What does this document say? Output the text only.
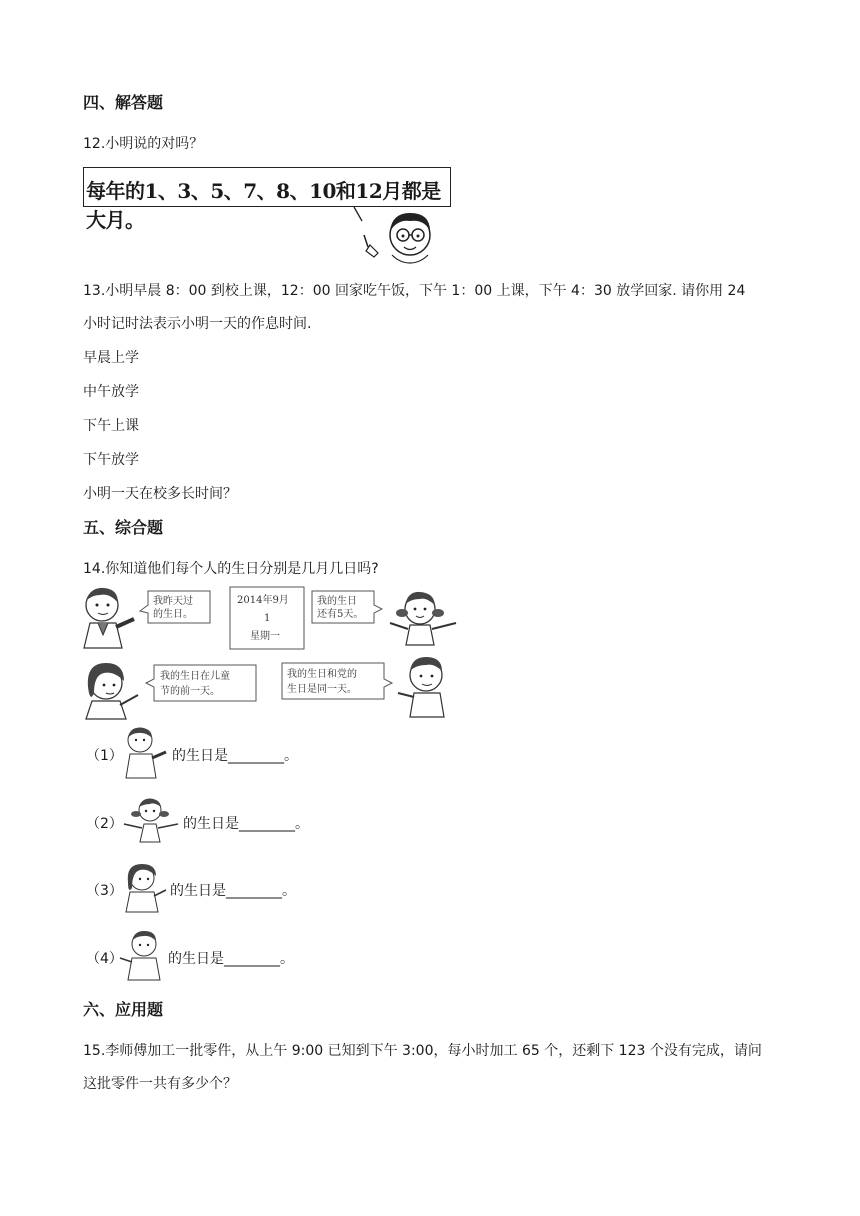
四、解答题
12.小明说的对吗？
每年的1、3、5、7、8、10和12月都是大月。
13.小明早晨 8：00 到校上课，12：00 回家吃午饭，下午 1：00 上课，下午 4：30 放学回家. 请你用 24
小时记时法表示小明一天的作息时间.
早晨上学
中午放学
下午上课
下午放学
小明一天在校多长时间？
五、综合题
14.你知道他们每个人的生日分别是几月几日吗?
我昨天过
的生日。
2014年9月
1
星期一
我的生日
还有5天。
我的生日在儿童
节的前一天。
我的生日和党的
生日是同一天。
（1）	的生日是________。
（2）	的生日是________。
（3）	的生日是________。
（4）	的生日是________。
六、应用题
15.李师傅加工一批零件，从上午 9:00 已知到下午 3:00，每小时加工 65 个，还剩下 123 个没有完成，请问
这批零件一共有多少个？
